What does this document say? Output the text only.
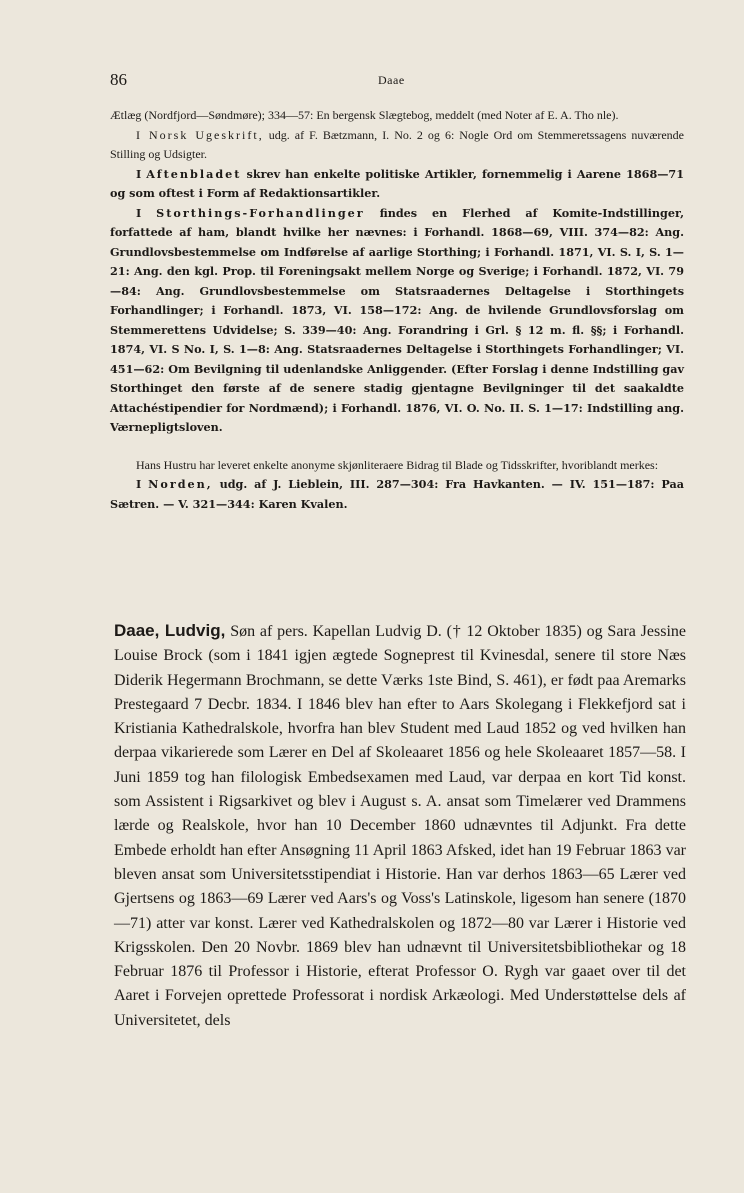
86	Daae

Ætlæg (Nordfjord—Søndmøre); 334—57: En bergensk Slægtebog, meddelt (med Noter af E. A. Tho nle).

I Norsk Ugeskrift, udg. af F. Bætzmann, I. No. 2 og 6: Nogle Ord om Stemmeretssagens nuværende Stilling og Udsigter.

I Aftenbladet skrev han enkelte politiske Artikler, fornemmelig i Aarene 1868—71 og som oftest i Form af Redaktionsartikler.

I Storthings-Forhandlinger findes en Flerhed af Komite-Indstillinger, forfattede af ham, blandt hvilke her nævnes: i Forhandl. 1868—69, VIII. 374—82: Ang. Grundlovsbestemmelse om Indførelse af aarlige Storthing; i Forhandl. 1871, VI. S. I, S. 1—21: Ang. den kgl. Prop. til Foreningsakt mellem Norge og Sverige; i Forhandl. 1872, VI. 79—84: Ang. Grundlovsbestemmelse om Statsraadernes Deltagelse i Storthingets Forhandlinger; i Forhandl. 1873, VI. 158—172: Ang. de hvilende Grundlovsforslag om Stemmerettens Udvidelse; S. 339—40: Ang. Forandring i Grl. § 12 m. fl. §§; i Forhandl. 1874, VI. S No. I, S. 1—8: Ang. Statsraadernes Deltagelse i Storthingets Forhandlinger; VI. 451—62: Om Bevilgning til udenlandske Anliggender. (Efter Forslag i denne Indstilling gav Storthinget den første af de senere stadig gjentagne Bevilgninger til det saakaldte Attachéstipendier for Nordmænd); i Forhandl. 1876, VI. O. No. II. S. 1—17: Indstilling ang. Værnepligtsloven.

Hans Hustru har leveret enkelte anonyme skjønliteraere Bidrag til Blade og Tidsskrifter, hvoriblandt merkes:

I Norden, udg. af J. Lieblein, III. 287—304: Fra Havkanten. — IV. 151—187: Paa Sætren. — V. 321—344: Karen Kvalen.

Daae, Ludvig, Søn af pers. Kapellan Ludvig D. († 12 Oktober 1835) og Sara Jessine Louise Brock (som i 1841 igjen ægtede Sogneprest til Kvinesdal, senere til store Næs Diderik Hegermann Brochmann, se dette Værks 1ste Bind, S. 461), er født paa Aremarks Prestegaard 7 Decbr. 1834. I 1846 blev han efter to Aars Skolegang i Flekkefjord sat i Kristiania Kathedralskole, hvorfra han blev Student med Laud 1852 og ved hvilken han derpaa vikarierede som Lærer en Del af Skoleaaret 1856 og hele Skoleaaret 1857—58. I Juni 1859 tog han filologisk Embedsexamen med Laud, var derpaa en kort Tid konst. som Assistent i Rigsarkivet og blev i August s. A. ansat som Timelærer ved Drammens lærde og Realskole, hvor han 10 December 1860 udnævntes til Adjunkt. Fra dette Embede erholdt han efter Ansøgning 11 April 1863 Afsked, idet han 19 Februar 1863 var bleven ansat som Universitetsstipendiat i Historie. Han var derhos 1863—65 Lærer ved Gjertsens og 1863—69 Lærer ved Aars's og Voss's Latinskole, ligesom han senere (1870—71) atter var konst. Lærer ved Kathedralskolen og 1872—80 var Lærer i Historie ved Krigsskolen. Den 20 Novbr. 1869 blev han udnævnt til Universitetsbibliothekar og 18 Februar 1876 til Professor i Historie, efterat Professor O. Rygh var gaaet over til det Aaret i Forvejen oprettede Professorat i nordisk Arkæologi. Med Understøttelse dels af Universitetet, dels
